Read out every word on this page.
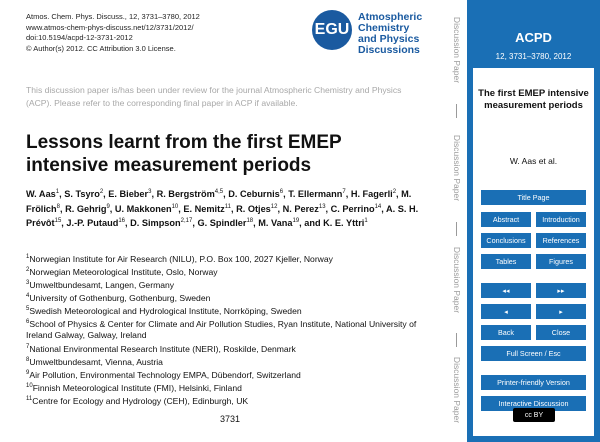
Atmos. Chem. Phys. Discuss., 12, 3731–3780, 2012
www.atmos-chem-phys-discuss.net/12/3731/2012/
doi:10.5194/acpd-12-3731-2012
© Author(s) 2012. CC Attribution 3.0 License.
EGU
Atmospheric
Chemistry
and Physics
Discussions
This discussion paper is/has been under review for the journal Atmospheric Chemistry and Physics (ACP). Please refer to the corresponding final paper in ACP if available.
Lessons learnt from the first EMEP intensive measurement periods
W. Aas$^1$, S. Tsyro$^2$, E. Bieber$^3$, R. Bergström$^{4,5}$, D. Ceburnis$^6$, T. Ellermann$^7$, H. Fagerli$^2$, M. Frölich$^8$, R. Gehrig$^9$, U. Makkonen$^{10}$, E. Nemitz$^{11}$, R. Otjes$^{12}$, N. Perez$^{13}$, C. Perrino$^{14}$, A. S. H. Prévôt$^{15}$, J.-P. Putaud$^{16}$, D. Simpson$^{2,17}$, G. Spindler$^{18}$, M. Vana$^{19}$, and K. E. Yttri$^1$
$^1$Norwegian Institute for Air Research (NILU), P.O. Box 100, 2027 Kjeller, Norway
$^2$Norwegian Meteorological Institute, Oslo, Norway
$^3$Umweltbundesamt, Langen, Germany
$^4$University of Gothenburg, Gothenburg, Sweden
$^5$Swedish Meteorological and Hydrological Institute, Norrköping, Sweden
$^6$School of Physics & Center for Climate and Air Pollution Studies, Ryan Institute, National University of Ireland Galway, Galway, Ireland
$^7$National Environmental Research Institute (NERI), Roskilde, Denmark
$^8$Umweltbundesamt, Vienna, Austria
$^9$Air Pollution, Environmental Technology EMPA, Dübendorf, Switzerland
$^{10}$Finnish Meteorological Institute (FMI), Helsinki, Finland
$^{11}$Centre for Ecology and Hydrology (CEH), Edinburgh, UK
3731
Discussion Paper
Discussion Paper
Discussion Paper
Discussion Paper
ACPD
12, 3731–3780, 2012
The first EMEP intensive measurement periods
W. Aas et al.
Title Page
Abstract	Introduction
Conclusions	References
Tables	Figures
◂◂	▸▸
◂	▸
Back	Close
Full Screen / Esc
Printer-friendly Version
Interactive Discussion
cc BY
